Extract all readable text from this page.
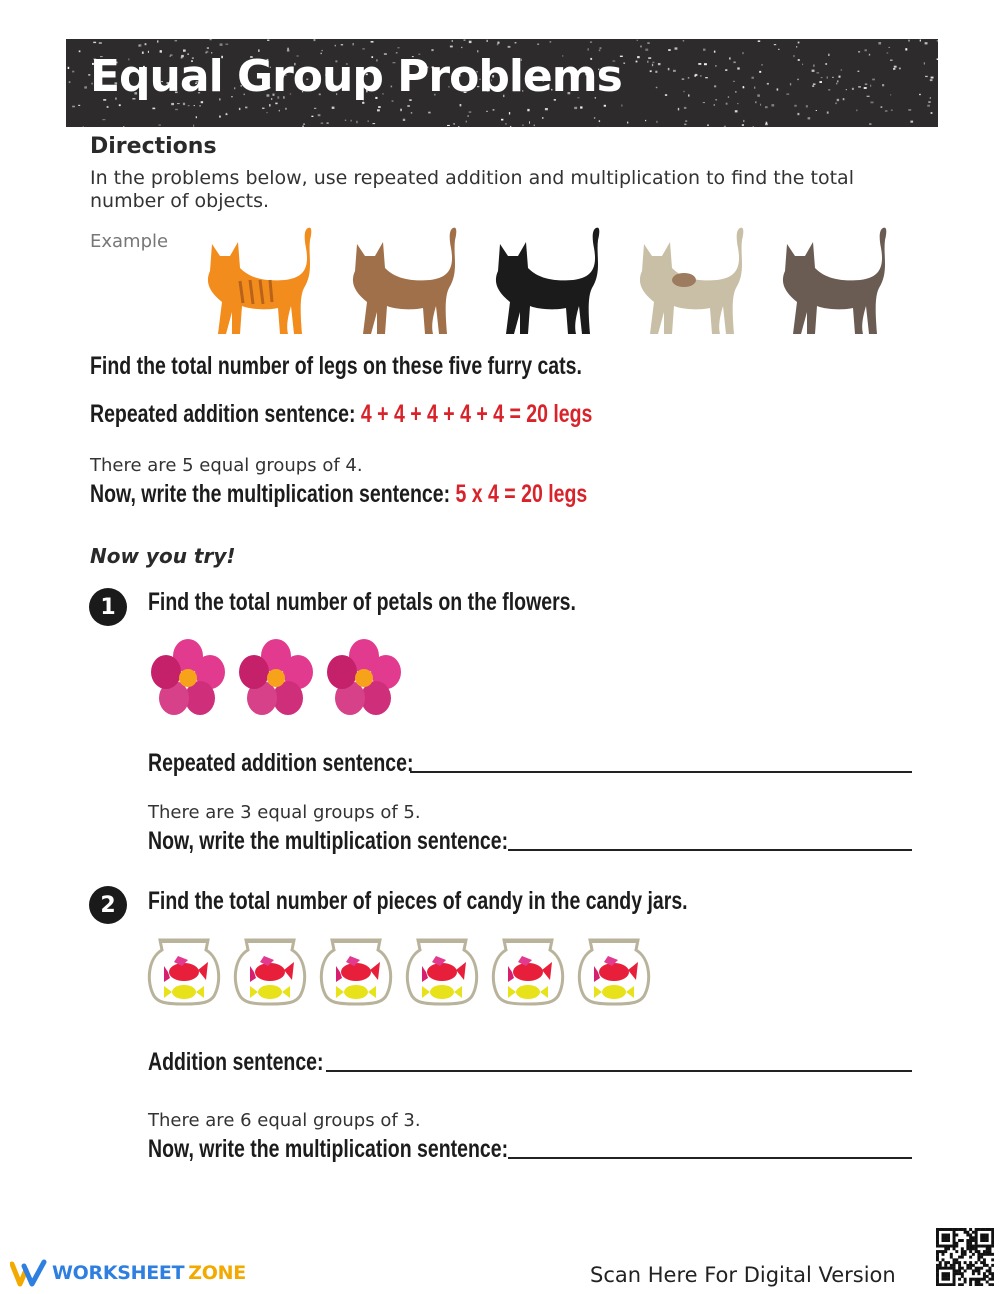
Equal Group Problems
Directions
In the problems below, use repeated addition and multiplication to find the total number of objects.
Example
Find the total number of legs on these five furry cats.
Repeated addition sentence: 4 + 4 + 4 + 4 + 4 = 20 legs
There are 5 equal groups of 4.
Now, write the multiplication sentence: 5 x 4 = 20 legs
Now you try!
1	Find the total number of petals on the flowers.
Repeated addition sentence:
There are 3 equal groups of 5.
Now, write the multiplication sentence:
2	Find the total number of pieces of candy in the candy jars.
Addition sentence:
There are 6 equal groups of 3.
Now, write the multiplication sentence:
WORKSHEET ZONE	Scan Here For Digital Version
